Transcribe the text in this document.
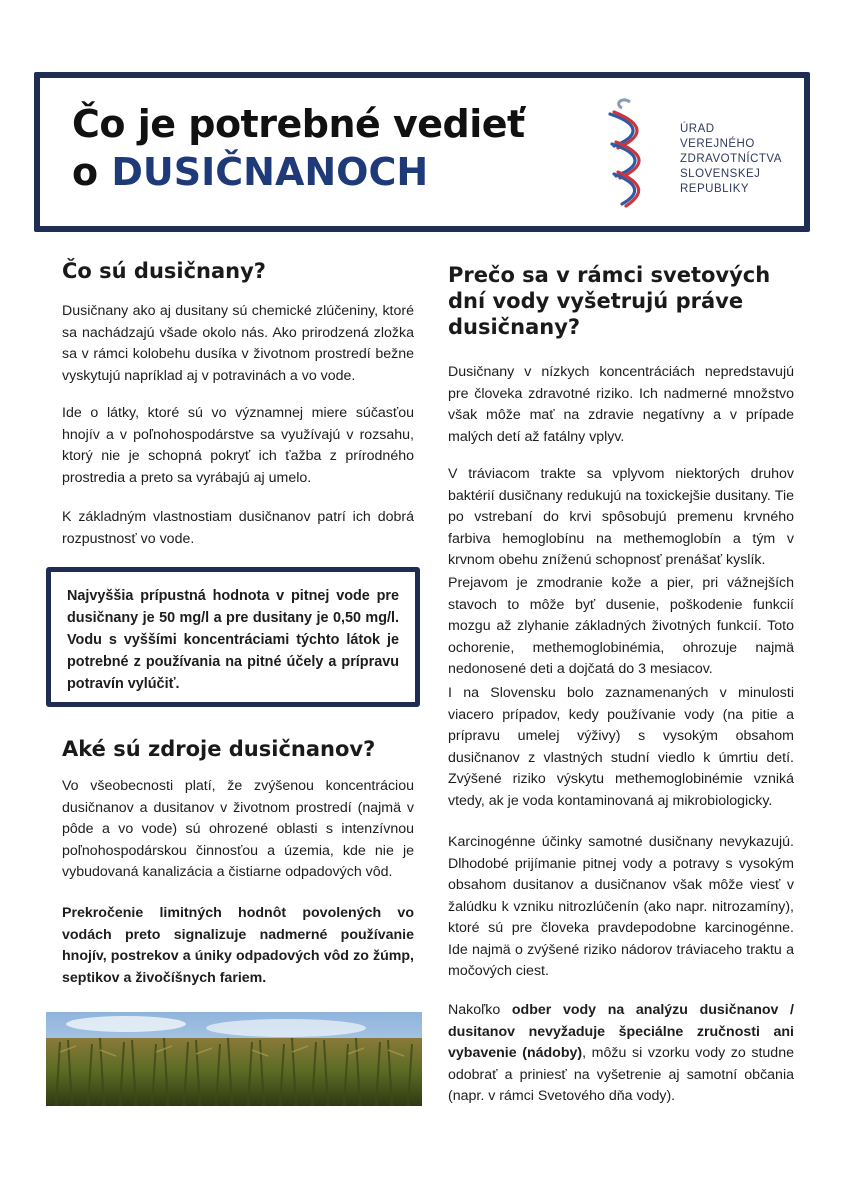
Čo je potrebné vedieť
o DUSIČNANOCH
ÚRAD
VEREJNÉHO
ZDRAVOTNÍCTVA
SLOVENSKEJ
REPUBLIKY
Čo sú dusičnany?

Dusičnany ako aj dusitany sú chemické zlúčeniny, ktoré sa nachádzajú všade okolo nás. Ako prirodzená zložka sa v rámci kolobehu dusíka v životnom prostredí bežne vyskytujú napríklad aj v potravinách a vo vode.

Ide o látky, ktoré sú vo významnej miere súčasťou hnojív a v poľnohospodárstve sa využívajú v rozsahu, ktorý nie je schopná pokryť ich ťažba z prírodného prostredia a preto sa vyrábajú aj umelo.

K základným vlastnostiam dusičnanov patrí ich dobrá rozpustnosť vo vode.

Najvyššia prípustná hodnota v pitnej vode pre dusičnany je 50 mg/l a pre dusitany je 0,50 mg/l. Vodu s vyššími koncentráciami týchto látok je potrebné z používania na pitné účely a prípravu potravín vylúčiť.

Aké sú zdroje dusičnanov?

Vo všeobecnosti platí, že zvýšenou koncentráciou dusičnanov a dusitanov v životnom prostredí (najmä v pôde a vo vode) sú ohrozené oblasti s intenzívnou poľnohospodárskou činnosťou a územia, kde nie je vybudovaná kanalizácia a čistiarne odpadových vôd.

Prekročenie limitných hodnôt povolených vo vodách preto signalizuje nadmerné používanie hnojív, postrekov a úniky odpadových vôd zo žúmp, septikov a živočíšnych fariem.

Prečo sa v rámci svetových dní vody vyšetrujú práve dusičnany?

Dusičnany v nízkych koncentráciách nepredstavujú pre človeka zdravotné riziko. Ich nadmerné množstvo však môže mať na zdravie negatívny a v prípade malých detí až fatálny vplyv.

V tráviacom trakte sa vplyvom niektorých druhov baktérií dusičnany redukujú na toxickejšie dusitany. Tie po vstrebaní do krvi spôsobujú premenu krvného farbiva hemoglobínu na methemoglobín a tým v krvnom obehu zníženú schopnosť prenášať kyslík.

Prejavom je zmodranie kože a pier, pri vážnejších stavoch to môže byť dusenie, poškodenie funkcií mozgu až zlyhanie základných životných funkcií. Toto ochorenie, methemoglobinémia, ohrozuje najmä nedonosené deti a dojčatá do 3 mesiacov.

I na Slovensku bolo zaznamenaných v minulosti viacero prípadov, kedy používanie vody (na pitie a prípravu umelej výživy) s vysokým obsahom dusičnanov z vlastných studní viedlo k úmrtiu detí. Zvýšené riziko výskytu methemoglobinémie vzniká vtedy, ak je voda kontaminovaná aj mikrobiologicky.

Karcinogénne účinky samotné dusičnany nevykazujú. Dlhodobé prijímanie pitnej vody a potravy s vysokým obsahom dusitanov a dusičnanov však môže viesť v žalúdku k vzniku nitrozlúčenín (ako napr. nitrozamíny), ktoré sú pre človeka pravdepodobne karcinogénne. Ide najmä o zvýšené riziko nádorov tráviaceho traktu a močových ciest.

Nakoľko odber vody na analýzu dusičnanov / dusitanov nevyžaduje špeciálne zručnosti ani vybavenie (nádoby), môžu si vzorku vody zo studne odobrať a priniesť na vyšetrenie aj samotní občania (napr. v rámci Svetového dňa vody).
